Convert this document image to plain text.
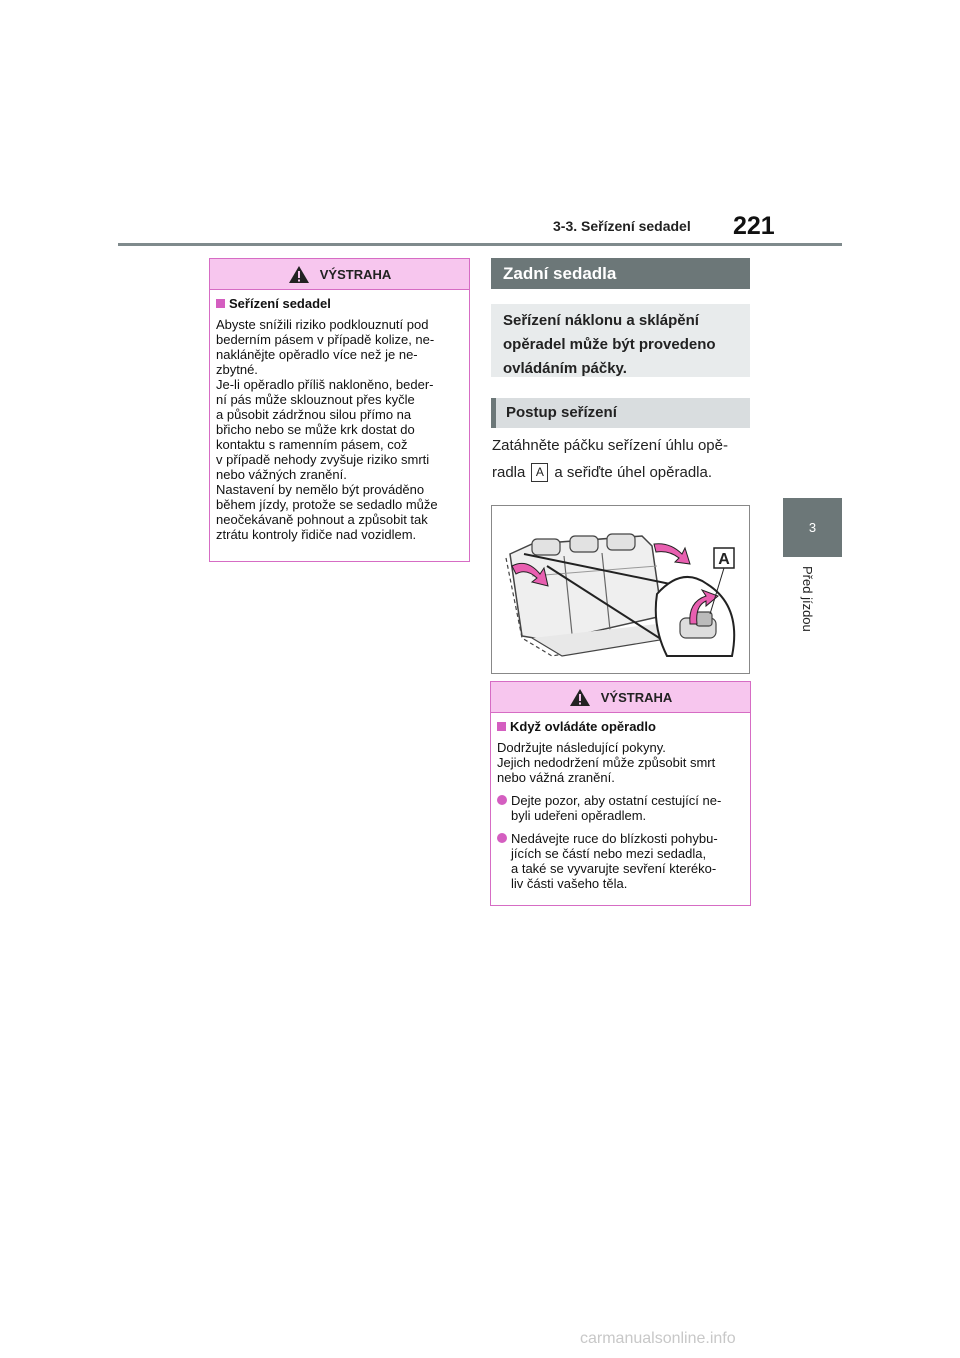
3-3. Seřízení sedadel 221
3
Před jízdou
VÝSTRAHA
Seřízení sedadel
Abyste snížili riziko podklouznutí pod
bederním pásem v případě kolize, ne-
naklánějte opěradlo více než je ne-
zbytné.
Je-li opěradlo příliš nakloněno, beder-
ní pás může sklouznout přes kyčle
a působit zádržnou silou přímo na
břicho nebo se může krk dostat do
kontaktu s ramenním pásem, což
v případě nehody zvyšuje riziko smrti
nebo vážných zranění.
Nastavení by nemělo být prováděno
během jízdy, protože se sedadlo může
neočekávaně pohnout a způsobit tak
ztrátu kontroly řidiče nad vozidlem.
Zadní sedadla
Seřízení náklonu a sklápění opěradel může být provedeno ovládáním páčky.
Postup seřízení
Zatáhněte páčku seřízení úhlu opě-
radla A a seřiďte úhel opěradla.
A
VÝSTRAHA
Když ovládáte opěradlo
Dodržujte následující pokyny.
Jejich nedodržení může způsobit smrt
nebo vážná zranění.
Dejte pozor, aby ostatní cestující ne-
byli udeřeni opěradlem.
Nedávejte ruce do blízkosti pohybu-
jících se částí nebo mezi sedadla,
a také se vyvarujte sevření kteréko-
liv části vašeho těla.
carmanualsonline.info
